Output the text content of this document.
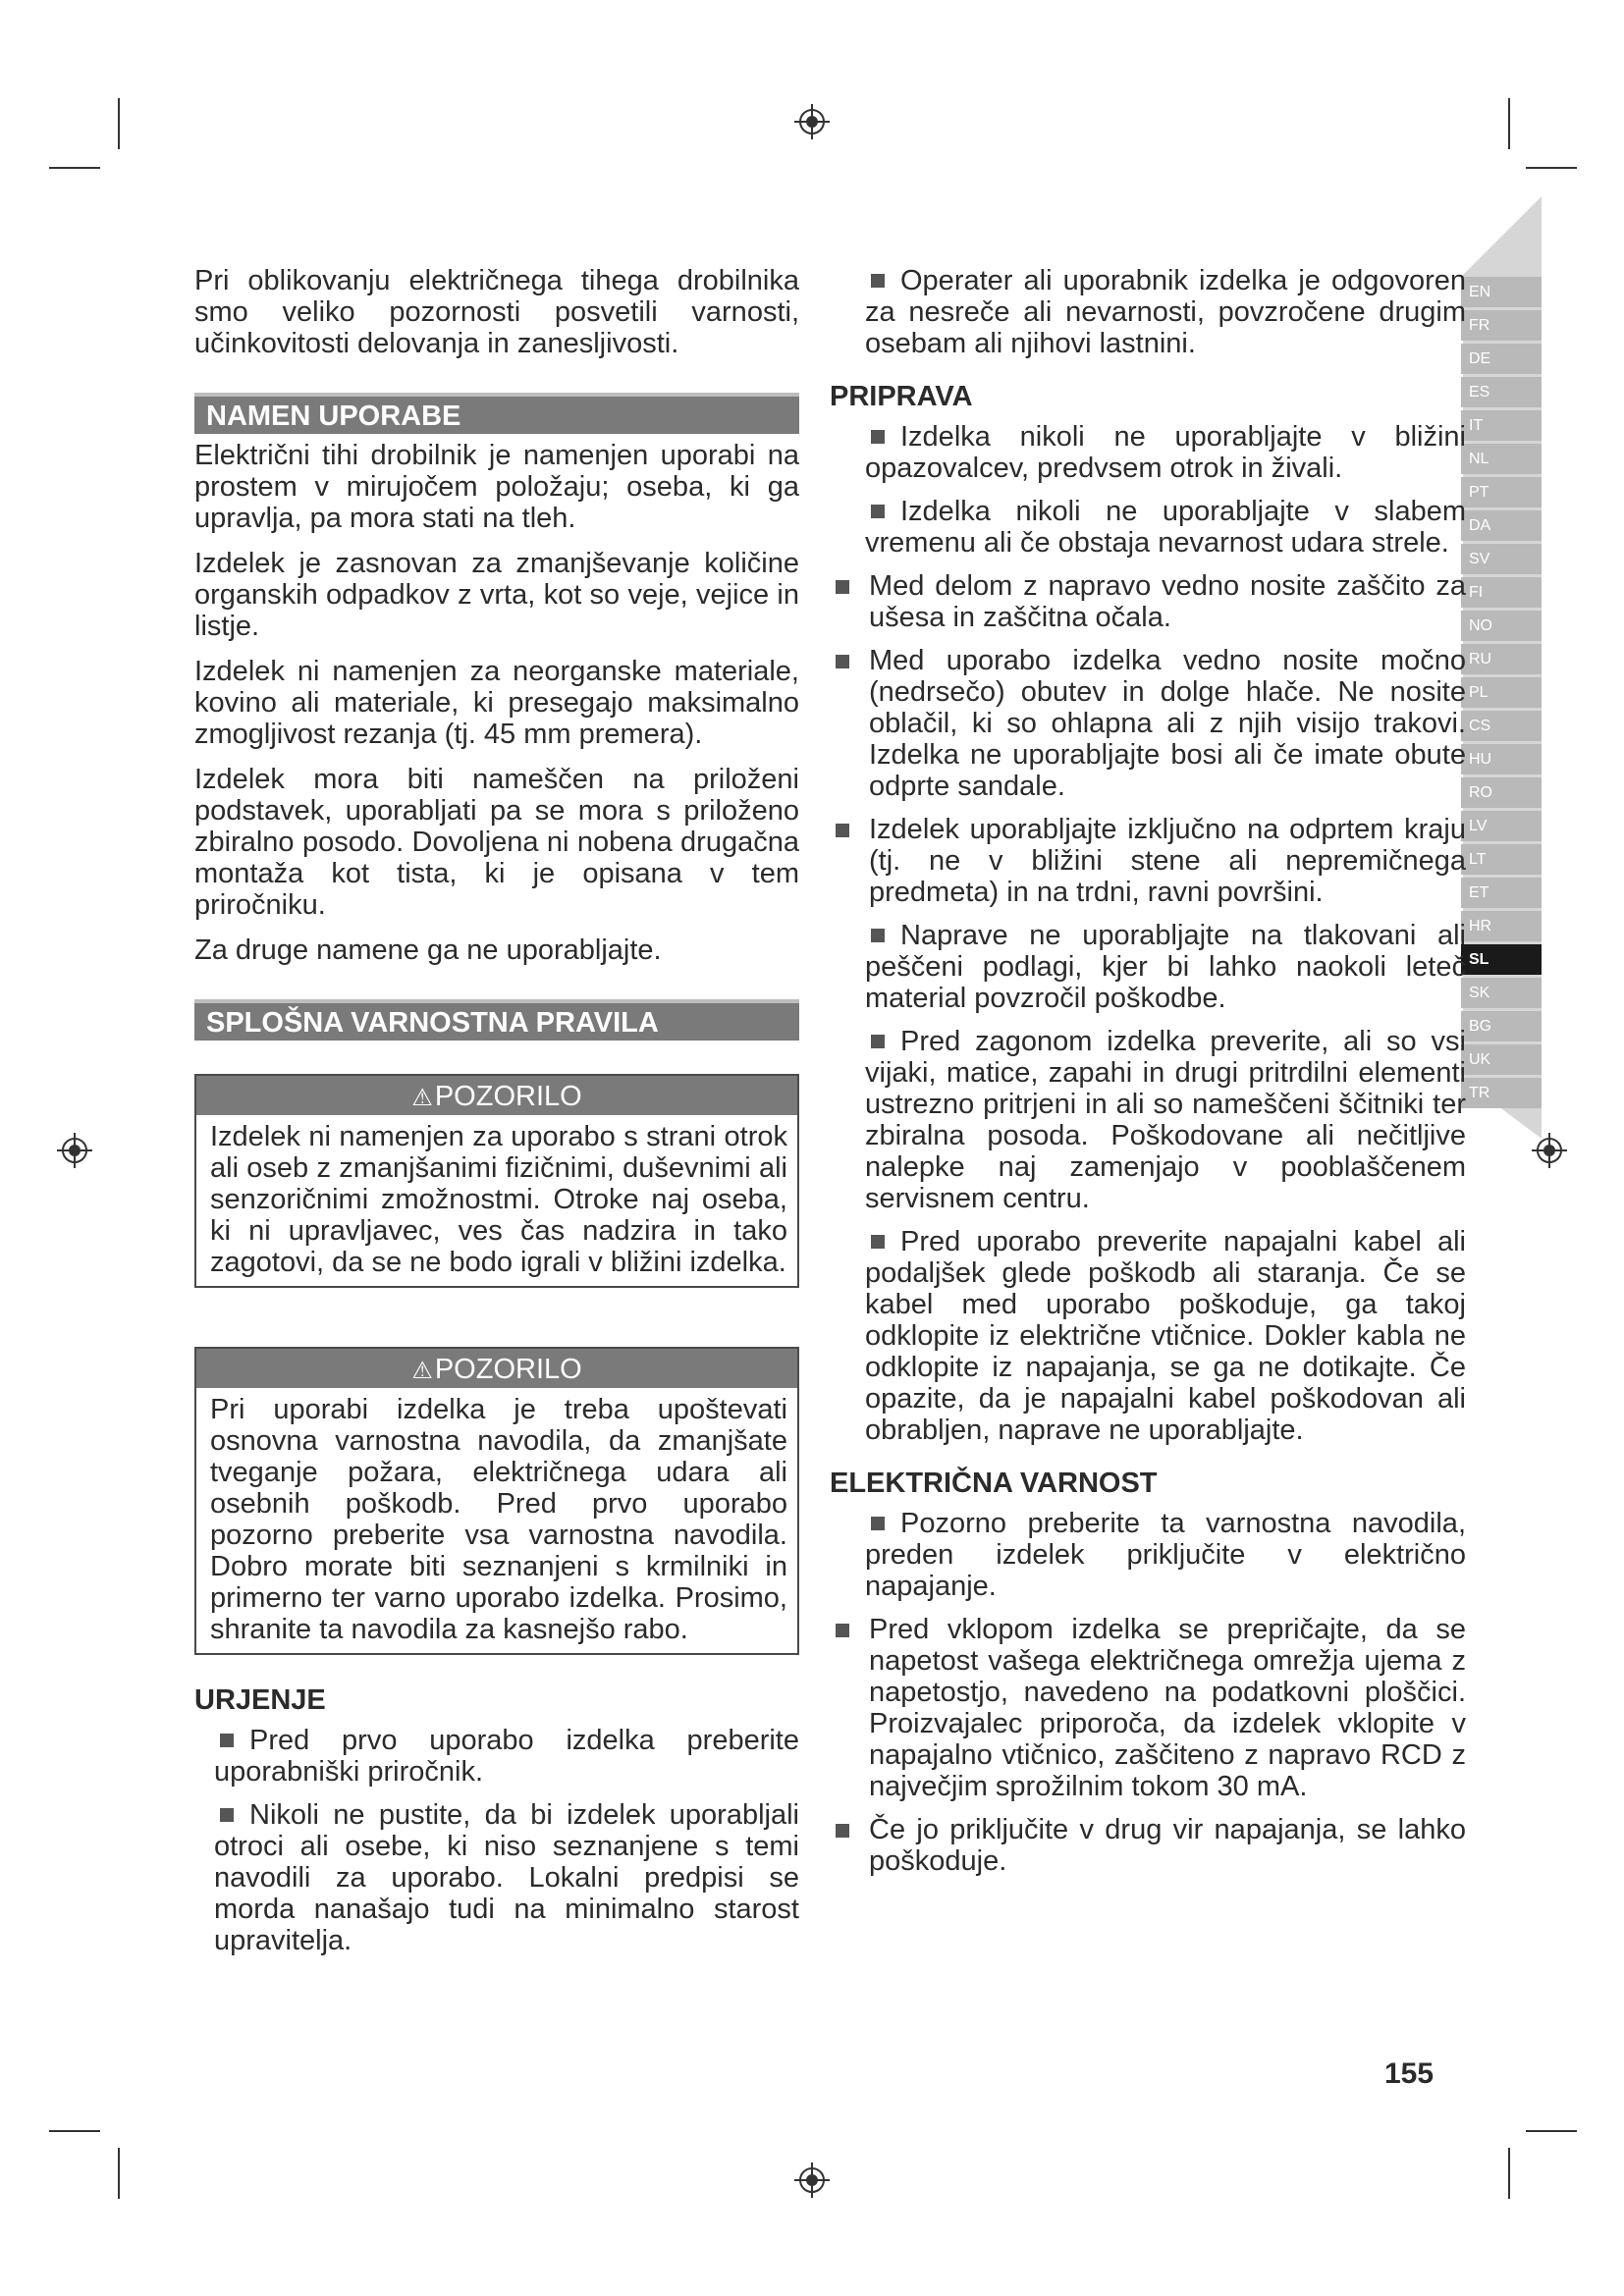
EN
FR
DE
ES
IT
NL
PT
DA
SV
FI
NO
RU
PL
CS
HU
RO
LV
LT
ET
HR
SL
SK
BG
UK
TR

Pri oblikovanju električnega tihega drobilnika smo veliko pozornosti posvetili varnosti, učinkovitosti delovanja in zanesljivosti.

NAMEN UPORABE

Električni tihi drobilnik je namenjen uporabi na prostem v mirujočem položaju; oseba, ki ga upravlja, pa mora stati na tleh.

Izdelek je zasnovan za zmanjševanje količine organskih odpadkov z vrta, kot so veje, vejice in listje.

Izdelek ni namenjen za neorganske materiale, kovino ali materiale, ki presegajo maksimalno zmogljivost rezanja (tj. 45 mm premera).

Izdelek mora biti nameščen na priloženi podstavek, uporabljati pa se mora s priloženo zbiralno posodo. Dovoljena ni nobena drugačna montaža kot tista, ki je opisana v tem priročniku.

Za druge namene ga ne uporabljajte.

SPLOŠNA VARNOSTNA PRAVILA
⚠POZORILO

Izdelek ni namenjen za uporabo s strani otrok ali oseb z zmanjšanimi fizičnimi, duševnimi ali senzoričnimi zmožnostmi. Otroke naj oseba, ki ni upravljavec, ves čas nadzira in tako zagotovi, da se ne bodo igrali v bližini izdelka.

⚠POZORILO

Pri uporabi izdelka je treba upoštevati osnovna varnostna navodila, da zmanjšate tveganje požara, električnega udara ali osebnih poškodb. Pred prvo uporabo pozorno preberite vsa varnostna navodila. Dobro morate biti seznanjeni s krmilniki in primerno ter varno uporabo izdelka. Prosimo, shranite ta navodila za kasnejšo rabo.

URJENJE
Pred prvo uporabo izdelka preberite uporabniški priročnik.
Nikoli ne pustite, da bi izdelek uporabljali otroci ali osebe, ki niso seznanjene s temi navodili za uporabo. Lokalni predpisi se morda nanašajo tudi na minimalno starost upravitelja.
Operater ali uporabnik izdelka je odgovoren za nesreče ali nevarnosti, povzročene drugim osebam ali njihovi lastnini.
PRIPRAVA
Izdelka nikoli ne uporabljajte v bližini opazovalcev, predvsem otrok in živali.
Izdelka nikoli ne uporabljajte v slabem vremenu ali če obstaja nevarnost udara strele.

Med delom z napravo vedno nosite zaščito za ušesa in zaščitna očala.

Med uporabo izdelka vedno nosite močno (nedrsečo) obutev in dolge hlače. Ne nosite oblačil, ki so ohlapna ali z njih visijo trakovi. Izdelka ne uporabljajte bosi ali če imate obute odprte sandale.

Izdelek uporabljajte izključno na odprtem kraju (tj. ne v bližini stene ali nepremičnega predmeta) in na trdni, ravni površini.

Naprave ne uporabljajte na tlakovani ali peščeni podlagi, kjer bi lahko naokoli leteč material povzročil poškodbe.
Pred zagonom izdelka preverite, ali so vsi vijaki, matice, zapahi in drugi pritrdilni elementi ustrezno pritrjeni in ali so nameščeni ščitniki ter zbiralna posoda. Poškodovane ali nečitljive nalepke naj zamenjajo v pooblaščenem servisnem centru.
Pred uporabo preverite napajalni kabel ali podaljšek glede poškodb ali staranja. Če se kabel med uporabo poškoduje, ga takoj odklopite iz električne vtičnice. Dokler kabla ne odklopite iz napajanja, se ga ne dotikajte. Če opazite, da je napajalni kabel poškodovan ali obrabljen, naprave ne uporabljajte.
ELEKTRIČNA VARNOST
Pozorno preberite ta varnostna navodila, preden izdelek priključite v električno napajanje.

Pred vklopom izdelka se prepričajte, da se napetost vašega električnega omrežja ujema z napetostjo, navedeno na podatkovni ploščici. Proizvajalec priporoča, da izdelek vklopite v napajalno vtičnico, zaščiteno z napravo RCD z največjim sprožilnim tokom 30 mA.

Če jo priključite v drug vir napajanja, se lahko poškoduje.

155
